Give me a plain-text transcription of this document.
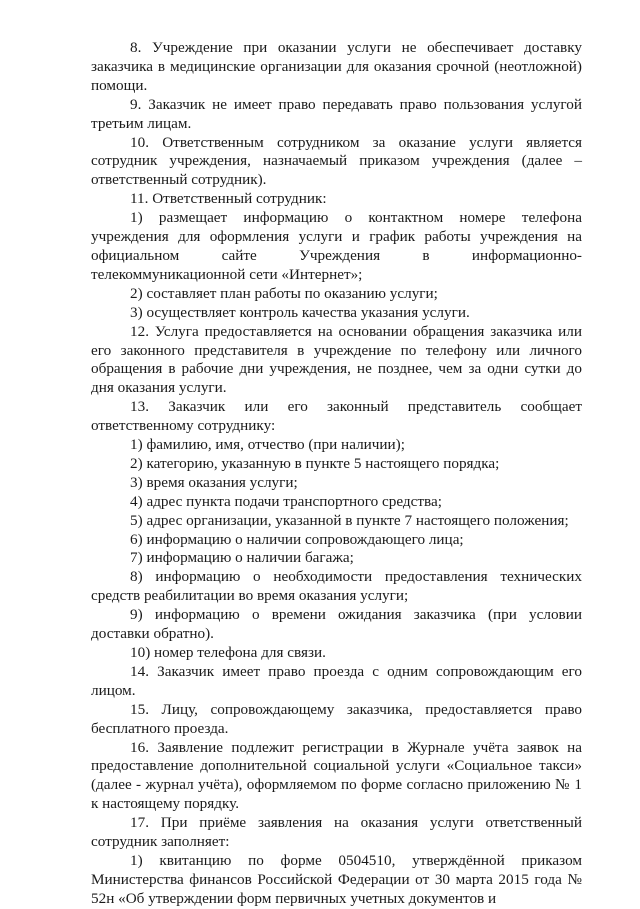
8. Учреждение при оказании услуги не обеспечивает доставку заказчика в медицинские организации для оказания срочной (неотложной) помощи.

9. Заказчик не имеет право передавать право пользования услугой третьим лицам.

10. Ответственным сотрудником за оказание услуги является сотрудник учреждения, назначаемый приказом учреждения (далее – ответственный сотрудник).

11. Ответственный сотрудник:

1) размещает информацию о контактном номере телефона учреждения для оформления услуги и график работы учреждения на официальном сайте Учреждения в информационно-телекоммуникационной сети «Интернет»;

2) составляет план работы по оказанию услуги;

3) осуществляет контроль качества указания услуги.

12. Услуга предоставляется на основании обращения заказчика или его законного представителя в учреждение по телефону или личного обращения в рабочие дни учреждения, не позднее, чем за одни сутки до дня оказания услуги.

13. Заказчик или его законный представитель сообщает ответственному сотруднику:

1) фамилию, имя, отчество (при наличии);

2) категорию, указанную в пункте 5 настоящего порядка;

3) время оказания услуги;

4) адрес пункта подачи транспортного средства;

5) адрес организации, указанной в пункте 7 настоящего положения;

6) информацию о наличии сопровождающего лица;

7) информацию о наличии багажа;

8) информацию о необходимости предоставления технических средств реабилитации во время оказания услуги;

9) информацию о времени ожидания заказчика (при условии доставки обратно).

10) номер телефона для связи.

14. Заказчик имеет право проезда с одним сопровождающим его лицом.

15. Лицу, сопровождающему заказчика, предоставляется право бесплатного проезда.

16. Заявление подлежит регистрации в Журнале учёта заявок на предоставление дополнительной социальной услуги «Социальное такси» (далее - журнал учёта), оформляемом по форме согласно приложению № 1 к настоящему порядку.

17. При приёме заявления на оказания услуги ответственный сотрудник заполняет:

1) квитанцию по форме 0504510, утверждённой приказом Министерства финансов Российской Федерации от 30 марта 2015 года № 52н «Об утверждении форм первичных учетных документов и
